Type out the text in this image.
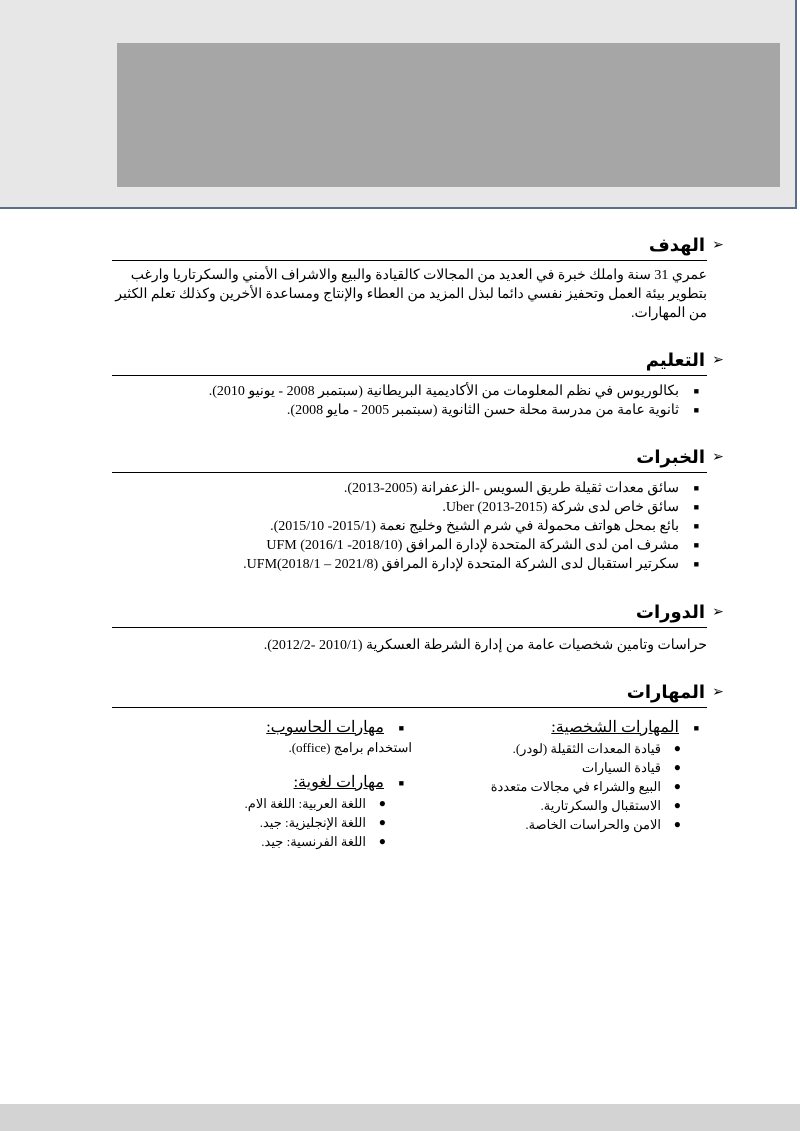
➢
الهدف
عمري 31 سنة واملك خبرة في العديد من المجالات كالقيادة والبيع والاشراف الأمني والسكرتاريا وارغب بتطوير بيئة العمل وتحفيز نفسي دائما لبذل المزيد من العطاء والإنتاج ومساعدة الأخرين وكذلك تعلم الكثير من المهارات.
➢
التعليم
■
بكالوريوس في نظم المعلومات من الأكاديمية البريطانية (سبتمبر 2008 - يونيو 2010).
■
ثانوية عامة من مدرسة محلة حسن الثانوية (سبتمبر 2005 - مايو 2008).
➢
الخبرات
■
سائق معدات ثقيلة طريق السويس -الزعفرانة (2005-2013).
■
سائق خاص لدى شركة Uber (2013-2015).
■
بائع بمحل هواتف محمولة في شرم الشيخ وخليج نعمة (2015/1- 2015/10).
■
مشرف امن لدى الشركة المتحدة لإدارة المرافق UFM (2016/1 -2018/10)
■
سكرتير استقبال لدى الشركة المتحدة لإدارة المرافق UFM(2018/1 – 2021/8).
➢
الدورات
حراسات وتامين شخصيات عامة من إدارة الشرطة العسكرية (2010/1 -2012/2).
➢
المهارات
■
المهارات الشخصية:
●
قيادة المعدات الثقيلة (لودر).
●
قيادة السيارات
●
البيع والشراء في مجالات متعددة
●
الاستقبال والسكرتارية.
●
الامن والحراسات الخاصة.
■
مهارات الحاسوب:
استخدام برامج (office).
■
مهارات لغوية:
●
اللغة العربية: اللغة الام.
●
اللغة الإنجليزية: جيد.
●
اللغة الفرنسية: جيد.
